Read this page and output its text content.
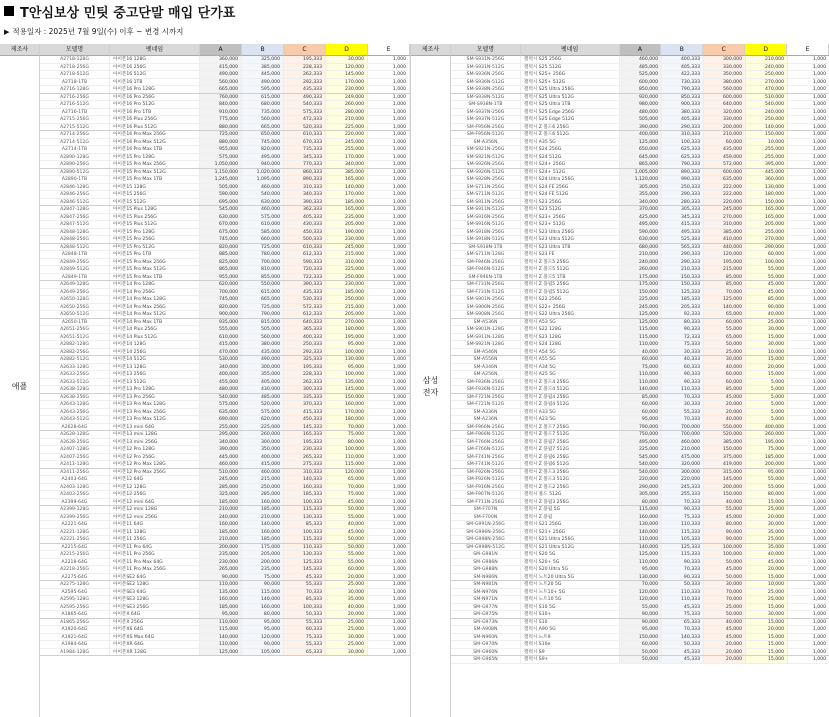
T안심보상 민팃 중고단말 매입 단가표
▶ 적용일자 : 2025년 7월 9일(수) 이후 ~ 변경 시까지
제조사	모델명	펫네임	A	B	C	D	E
애플
A2718-128G	아이폰16 128G	360,000	325,000	195,333	30,000	1,000
A2718-256G	아이폰16 256G	415,000	385,000	228,333	120,000	1,000
A2718-512G	아이폰16 512G	490,000	445,000	262,333	145,000	1,000
A2718-1TB	아이폰16 1TB	560,000	490,000	292,333	170,000	1,000
A2716-128G	아이폰16 Pro 128G	665,000	595,000	435,333	230,000	1,000
A2716-256G	아이폰16 Pro 256G	760,000	615,000	490,333	249,000	1,000
A2716-512G	아이폰16 Pro 512G	840,000	680,000	540,333	260,000	1,000
A2716-1TB	아이폰16 Pro 1TB	910,000	735,000	575,333	280,000	1,000
A2715-256G	아이폰16 Plus 256G	775,000	560,000	472,333	210,000	1,000
A2715-512G	아이폰16 Plus 512G	880,000	665,000	520,333	225,000	1,000
A2714-256G	아이폰16 Pro Max 256G	725,000	650,000	610,333	220,000	1,000
A2714-512G	아이폰16 Pro Max 512G	880,000	745,000	670,333	245,000	1,000
A2714-1TB	아이폰16 Pro Max 1TB	955,000	820,000	735,333	255,000	1,000
A2890-128G	아이폰15 Pro 128G	575,000	495,000	345,333	170,000	1,000
A2890-256G	아이폰15 Pro Max 256G	1,050,000	940,000	770,333	340,000	1,000
A2890-512G	아이폰15 Pro Max 512G	1,150,000	1,020,000	860,333	385,000	1,000
A2890-1TB	아이폰15 Pro Max 1TB	1,245,000	1,095,000	890,333	165,000	1,000
A2846-128G	아이폰15 128G	505,000	460,000	310,333	140,000	1,000
A2846-256G	아이폰15 256G	590,000	540,000	340,333	170,000	1,000
A2846-512G	아이폰15 512G	695,000	630,000	390,333	185,000	1,000
A2847-128G	아이폰15 Plus 128G	545,000	460,000	362,333	165,000	1,000
A2847-256G	아이폰15 Plus 256G	630,000	575,000	405,333	235,000	1,000
A2847-512G	아이폰15 Plus 512G	670,000	610,000	430,333	205,000	1,000
A2848-128G	아이폰15 Pro 128G	675,000	585,000	450,333	190,000	1,000
A2848-256G	아이폰15 Pro 256G	745,000	660,000	500,333	230,000	1,000
A2848-512G	아이폰15 Pro 512G	820,000	725,000	610,333	245,000	1,000
A2848-1TB	아이폰15 Pro 1TB	885,000	780,000	612,333	215,000	1,000
A2849-256G	아이폰15 Pro Max 256G	825,000	700,000	590,333	310,000	1,000
A2849-512G	아이폰15 Pro Max 512G	865,000	810,000	720,333	225,000	1,000
A2849-1TB	아이폰15 Pro Max 1TB	955,000	855,000	722,333	250,000	1,000
A2649-128G	아이폰14 Pro 128G	620,000	550,000	390,333	230,000	1,000
A2649-256G	아이폰14 Pro 256G	700,000	615,000	435,333	185,000	1,000
A2650-128G	아이폰14 Pro Max 128G	745,000	665,000	530,333	250,000	1,000
A2650-256G	아이폰14 Pro Max 256G	820,000	725,000	572,333	215,000	1,000
A2650-512G	아이폰14 Pro Max 512G	900,000	790,000	612,333	205,000	1,000
A2650-1TB	아이폰14 Pro Max 1TB	935,000	815,000	640,333	270,000	1,000
A2651-256G	아이폰14 Plus 256G	555,000	505,000	365,333	180,000	1,000
A2651-512G	아이폰14 Plus 512G	610,000	560,000	400,333	195,000	1,000
A2882-128G	아이폰14 128G	415,000	380,000	250,333	95,000	1,000
A2882-256G	아이폰14 256G	470,000	435,000	292,333	100,000	1,000
A2882-512G	아이폰14 512G	530,000	490,000	325,333	130,000	1,000
A2633-128G	아이폰13 128G	340,000	300,000	195,333	95,000	1,000
A2633-256G	아이폰13 256G	400,000	355,000	228,333	100,000	1,000
A2633-512G	아이폰13 512G	455,000	405,000	262,333	135,000	1,000
A2638-128G	아이폰13 Pro 128G	480,000	430,000	300,333	145,000	1,000
A2638-256G	아이폰13 Pro 256G	540,000	485,000	335,333	150,000	1,000
A2643-128G	아이폰13 Pro Max 128G	575,000	520,000	370,333	160,000	1,000
A2643-256G	아이폰13 Pro Max 256G	635,000	575,000	415,333	170,000	1,000
A2643-512G	아이폰13 Pro Max 512G	690,000	620,000	450,333	180,000	1,000
A2628-64G	아이폰13 mini 64G	255,000	225,000	145,333	70,000	1,000
A2628-128G	아이폰13 mini 128G	295,000	260,000	165,333	75,000	1,000
A2628-256G	아이폰13 mini 256G	340,000	300,000	195,333	80,000	1,000
A2407-128G	아이폰12 Pro 128G	390,000	350,000	230,333	100,000	1,000
A2407-256G	아이폰12 Pro 256G	445,000	400,000	265,333	110,000	1,000
A2411-128G	아이폰12 Pro Max 128G	460,000	415,000	275,333	115,000	1,000
A2411-256G	아이폰12 Pro Max 256G	510,000	460,000	310,333	120,000	1,000
A2403-64G	아이폰12 64G	245,000	215,000	140,333	65,000	1,000
A2403-128G	아이폰12 128G	285,000	250,000	160,333	70,000	1,000
A2403-256G	아이폰12 256G	325,000	285,000	185,333	75,000	1,000
A2399-64G	아이폰12 mini 64G	185,000	160,000	100,333	45,000	1,000
A2399-128G	아이폰12 mini 128G	210,000	185,000	115,333	50,000	1,000
A2399-256G	아이폰12 mini 256G	240,000	210,000	130,333	55,000	1,000
A2221-64G	아이폰11 64G	160,000	140,000	85,333	40,000	1,000
A2221-128G	아이폰11 128G	185,000	160,000	100,333	45,000	1,000
A2221-256G	아이폰11 256G	210,000	185,000	115,333	50,000	1,000
A2215-64G	아이폰11 Pro 64G	200,000	175,000	110,333	50,000	1,000
A2215-256G	아이폰11 Pro 256G	235,000	205,000	130,333	55,000	1,000
A2218-64G	아이폰11 Pro Max 64G	230,000	200,000	125,333	55,000	1,000
A2218-256G	아이폰11 Pro Max 256G	265,000	235,000	145,333	60,000	1,000
A2275-64G	아이폰SE2 64G	90,000	75,000	45,333	20,000	1,000
A2275-128G	아이폰SE2 128G	110,000	90,000	55,333	25,000	1,000
A2595-64G	아이폰SE3 64G	135,000	115,000	70,333	30,000	1,000
A2595-128G	아이폰SE3 128G	160,000	140,000	85,333	35,000	1,000
A2595-256G	아이폰SE3 256G	185,000	160,000	100,333	40,000	1,000
A1865-64G	아이폰X 64G	95,000	80,000	50,333	20,000	1,000
A1865-256G	아이폰X 256G	110,000	95,000	55,333	25,000	1,000
A1920-64G	아이폰XS 64G	115,000	95,000	60,333	25,000	1,000
A1921-64G	아이폰XS Max 64G	140,000	120,000	75,333	30,000	1,000
A1984-64G	아이폰XR 64G	110,000	90,000	55,333	25,000	1,000
A1984-128G	아이폰XR 128G	125,000	105,000	65,333	30,000	1,000
제조사	모델명	펫네임	A	B	C	D	E
삼성
전자
SM-S931N-256G	갤럭시 S25 256G	460,000	400,333	300,000	210,000	1,000
SM-S931N-512G	갤럭시 S25 512G	485,000	405,333	330,000	240,000	1,000
SM-S936N-256G	갤럭시 S25+ 256G	525,000	422,333	350,000	250,000	1,000
SM-S936N-512G	갤럭시 S25+ 512G	600,000	730,333	380,000	270,000	1,000
SM-S938N-256G	갤럭시 S25 Ultra 256G	850,000	790,333	560,000	470,000	1,000
SM-S938N-512G	갤럭시 S25 Ultra 512G	920,000	850,333	600,000	510,000	1,000
SM-S938N-1TB	갤럭시 S25 Ultra 1TB	980,000	900,333	640,000	540,000	1,000
SM-S937N-256G	갤럭시 S25 Edge 256G	480,000	380,333	320,000	240,000	1,000
SM-S937N-512G	갤럭시 S25 Edge 512G	505,000	405,333	330,000	250,000	1,000
SM-F956N-256G	갤럭시 Z 폴드6 256G	390,000	290,333	200,000	140,000	1,000
SM-F956N-512G	갤럭시 Z 폴드6 512G	400,000	310,333	210,000	150,000	1,000
SM-A356N	갤럭시 A35 5G	125,000	100,333	60,000	10,000	1,000
SM-S921N-256G	갤럭시 S24 256G	650,000	625,333	435,000	255,000	1,000
SM-S921N-512G	갤럭시 S24 512G	645,000	625,333	459,000	255,000	1,000
SM-S926N-256G	갤럭시 S24+ 256G	865,000	790,333	572,000	395,000	1,000
SM-S926N-512G	갤럭시 S24+ 512G	1,005,000	890,333	600,000	445,000	1,000
SM-S928N-256G	갤럭시 S24 Ultra 256G	1,120,000	990,333	635,000	360,000	1,000
SM-S711N-256G	갤럭시 S24 FE 256G	305,000	250,333	222,000	130,000	1,000
SM-S711N-512G	갤럭시 S24 FE 512G	355,000	290,333	222,000	180,000	1,000
SM-S911N-256G	갤럭시 S23 256G	340,000	280,333	220,000	150,000	1,000
SM-S911N-512G	갤럭시 S23 512G	370,000	305,333	245,000	165,000	1,000
SM-S916N-256G	갤럭시 S23+ 256G	425,000	345,333	270,000	165,000	1,000
SM-S916N-512G	갤럭시 S23+ 512G	495,000	415,333	310,000	205,000	1,000
SM-S918N-256G	갤럭시 S23 Ultra 256G	590,000	495,333	385,000	255,000	1,000
SM-S918N-512G	갤럭시 S23 Ultra 512G	630,000	525,333	410,000	270,000	1,000
SM-S918N-1TB	갤럭시 S23 Ultra 1TB	680,000	565,333	440,000	290,000	1,000
SM-S711N-128G	갤럭시 S23 FE	210,000	290,333	120,000	60,000	1,000
SM-F946N-256G	갤럭시 Z 폴드5 256G	240,000	290,333	195,000	100,000	1,000
SM-F946N-512G	갤럭시 Z 폴드5 512G	260,000	210,333	215,000	55,000	1,000
SM-F946N-1TB	갤럭시 Z 폴드5 1TB	175,000	150,333	85,000	55,000	1,000
SM-F731N-256G	갤럭시 Z 플립5 256G	175,000	150,333	85,000	45,000	1,000
SM-F731N-512G	갤럭시 Z 플립5 512G	150,000	125,333	70,000	45,000	1,000
SM-S901N-256G	갤럭시 S22 256G	225,000	185,333	125,000	85,000	1,000
SM-S906N-256G	갤럭시 S22+ 256G	245,000	205,333	140,000	90,000	1,000
SM-S908N-256G	갤럭시 S22 Ultra 256G	125,000	92,333	65,000	40,000	1,000
SM-A536N	갤럭시 A53 5G	125,000	80,333	60,000	25,000	1,000
SM-S901N-128G	갤럭시 S22 128G	115,000	90,333	55,000	30,000	1,000
SM-S911N-128G	갤럭시 S23 128G	115,000	72,333	65,000	15,000	1,000
SM-S921N-128G	갤럭시 S24 128G	110,000	75,333	50,000	30,000	1,000
SM-A546N	갤럭시 A54 5G	40,000	30,333	25,000	10,000	1,000
SM-A556N	갤럭시 A55 5G	60,000	40,333	30,000	15,000	1,000
SM-A346N	갤럭시 A34 5G	75,000	60,333	40,000	20,000	1,000
SM-A256N	갤럭시 A25 5G	110,000	90,333	60,000	15,000	1,000
SM-F936N-256G	갤럭시 Z 폴드4 256G	110,000	90,333	60,000	5,000	1,000
SM-F936N-512G	갤럭시 Z 폴드4 512G	140,000	110,333	85,000	5,000	1,000
SM-F721N-256G	갤럭시 Z 플립4 256G	85,000	70,333	45,000	5,000	1,000
SM-F721N-512G	갤럭시 Z 플립4 512G	60,000	30,333	20,000	5,000	1,000
SM-A336N	갤럭시 A33 5G	60,000	55,333	20,000	5,000	1,000
SM-A236N	갤럭시 A23 5G	95,000	70,333	40,000	5,000	1,000
SM-F966N-256G	갤럭시 Z 폴드7 256G	790,000	700,000	550,000	400,000	1,000
SM-F966N-512G	갤럭시 Z 폴드7 512G	750,000	700,000	520,000	260,000	1,000
SM-F766N-256G	갤럭시 Z 플립7 256G	495,000	460,000	385,000	195,000	1,000
SM-F766N-512G	갤럭시 Z 플립7 512G	225,000	210,000	150,000	75,000	1,000
SM-F741N-256G	갤럭시 Z 플립6 256G	545,000	475,000	375,000	185,000	1,000
SM-F741N-512G	갤럭시 Z 플립6 512G	540,000	320,000	419,000	200,000	1,000
SM-F926N-256G	갤럭시 Z 폴드3 256G	540,000	300,000	315,000	95,000	1,000
SM-F926N-512G	갤럭시 Z 폴드3 512G	220,000	220,000	145,000	55,000	1,000
SM-F916N-256G	갤럭시 Z 폴드2 256G	290,000	245,333	200,000	55,000	1,000
SM-F907N-512G	갤럭시 폴드 512G	305,000	255,333	150,000	80,000	1,000
SM-F711N-256G	갤럭시 Z 플립3 256G	80,000	70,333	40,000	15,000	1,000
SM-F707N	갤럭시 Z 플립 5G	115,000	90,333	55,000	25,000	1,000
SM-F700N	갤럭시 Z 플립	160,000	75,333	45,000	20,000	1,000
SM-G991N-256G	갤럭시 S21 256G	130,000	110,333	80,000	30,000	1,000
SM-G996N-256G	갤럭시 S21+ 256G	140,000	115,333	90,000	35,000	1,000
SM-G998N-256G	갤럭시 S21 Ultra 256G	110,000	105,333	90,000	25,000	1,000
SM-G998N-512G	갤럭시 S21 Ultra 512G	140,000	125,333	100,000	35,000	1,000
SM-G981N	갤럭시 S20 5G	125,000	115,333	100,000	40,000	1,000
SM-G986N	갤럭시 S20+ 5G	110,000	90,333	50,000	45,000	1,000
SM-G988N	갤럭시 S20 Ultra 5G	95,000	70,333	45,000	20,000	1,000
SM-N986N	갤럭시 노트20 Ultra 5G	130,000	90,333	50,000	15,000	1,000
SM-N981N	갤럭시 노트20 5G	70,000	50,333	30,000	10,000	1,000
SM-N976N	갤럭시 노트10+ 5G	120,000	110,333	70,000	25,000	1,000
SM-N971N	갤럭시 노트10 5G	120,000	110,333	70,000	25,000	1,000
SM-G977N	갤럭시 S10 5G	55,000	45,333	25,000	15,000	1,000
SM-G975N	갤럭시 S10+	90,000	75,333	50,000	30,000	1,000
SM-G973N	갤럭시 S10	90,000	65,333	40,000	15,000	1,000
SM-A908N	갤럭시 A90 5G	95,000	70,333	45,000	20,000	1,000
SM-N960N	갤럭시 노트9	150,000	140,333	45,000	15,000	1,000
SM-G970N	갤럭시 S10e	60,000	50,333	20,000	15,000	1,000
SM-G960N	갤럭시 S9	50,000	45,333	20,000	15,000	1,000
SM-G965N	갤럭시 S9+	50,000	45,333	20,000	15,000	1,000
